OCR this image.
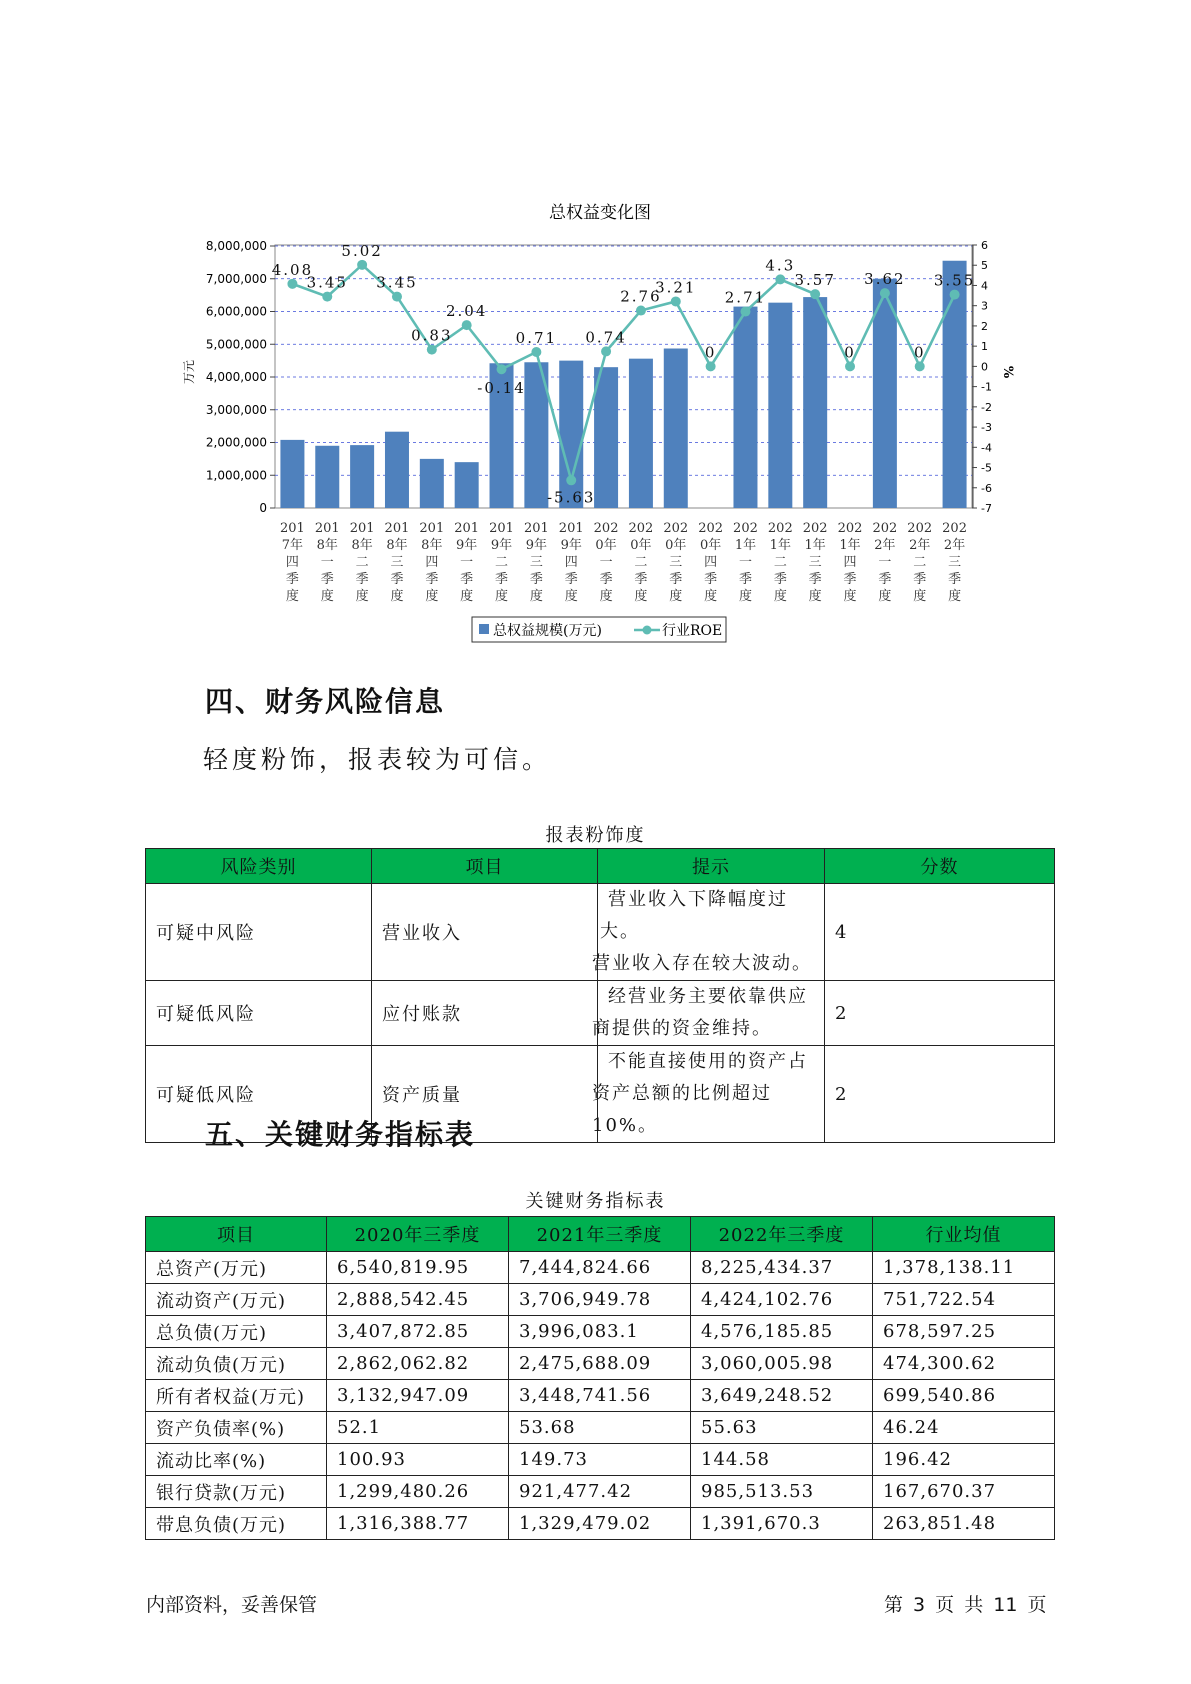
总权益变化图
4.08
3.45
5.02
3.45
0.83
2.04
-0.14
0.71
-5.63
0.74
2.76
3.21
0
2.71
4.3
3.57
0
3.62
0
3.55
0
1,000,000
2,000,000
3,000,000
4,000,000
5,000,000
6,000,000
7,000,000
8,000,000
-7
-6
-5
-4
-3
-2
-1
0
1
2
3
4
5
6
201 7年四季度
201 8年一季度
201 8年二季度
201 8年三季度
201 8年四季度
201 9年一季度
201 9年二季度
201 9年三季度
201 9年四季度
202 0年一季度
202 0年二季度
202 0年三季度
202 0年四季度
202 1年一季度
202 1年二季度
202 1年三季度
202 1年四季度
202 2年一季度
202 2年二季度
202 2年三季度
万元	%
总权益规模(万元)	行业ROE
四、财务风险信息

轻度粉饰，报表较为可信。

报表粉饰度
风险类别	项目	提示	分数
可疑中风险	营业收入	营业收入下降幅度过大。
营业收入存在较大波动。	4
可疑低风险	应付账款	经营业务主要依靠供应
商提供的资金维持。	2
可疑低风险	资产质量	不能直接使用的资产占
资产总额的比例超过10%。	2
五、关键财务指标表
关键财务指标表
项目	2020年三季度	2021年三季度	2022年三季度	行业均值
总资产(万元)	6,540,819.95	7,444,824.66	8,225,434.37	1,378,138.11
流动资产(万元)	2,888,542.45	3,706,949.78	4,424,102.76	751,722.54
总负债(万元)	3,407,872.85	3,996,083.1	4,576,185.85	678,597.25
流动负债(万元)	2,862,062.82	2,475,688.09	3,060,005.98	474,300.62
所有者权益(万元)	3,132,947.09	3,448,741.56	3,649,248.52	699,540.86
资产负债率(%)	52.1	53.68	55.63	46.24
流动比率(%)	100.93	149.73	144.58	196.42
银行贷款(万元)	1,299,480.26	921,477.42	985,513.53	167,670.37
带息负债(万元)	1,316,388.77	1,329,479.02	1,391,670.3	263,851.48
内部资料，妥善保管	第 3 页 共 11 页
